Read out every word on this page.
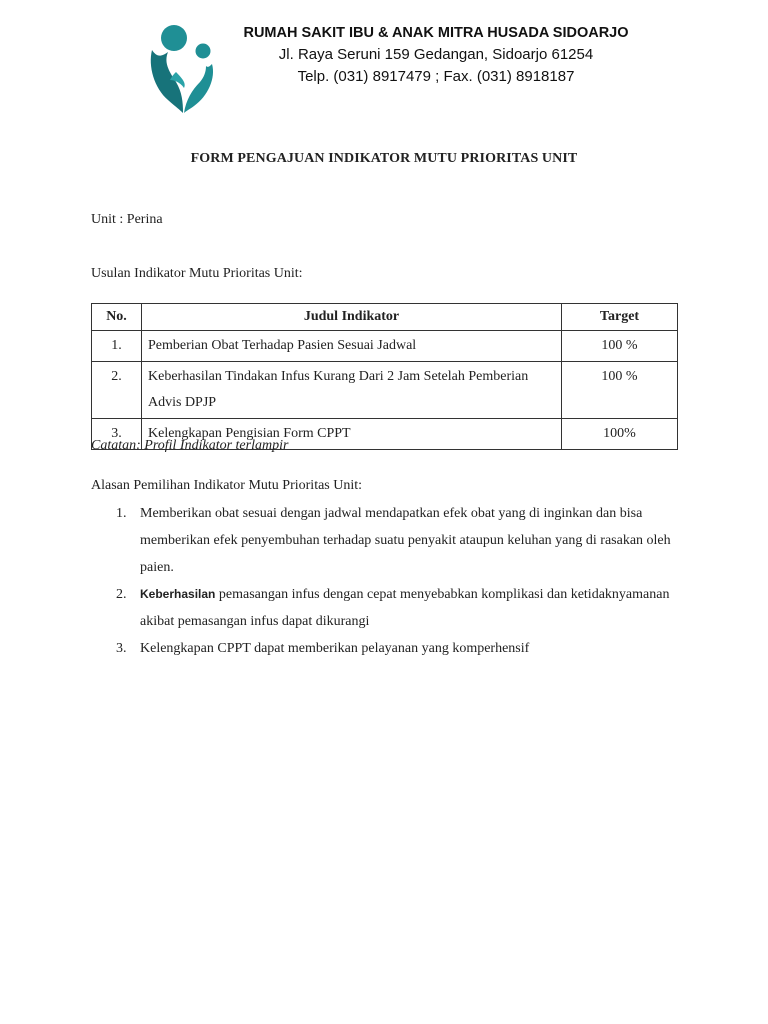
RUMAH SAKIT IBU & ANAK MITRA HUSADA SIDOARJO
Jl. Raya Seruni 159 Gedangan, Sidoarjo 61254
Telp. (031) 8917479 ; Fax. (031) 8918187
FORM PENGAJUAN INDIKATOR MUTU PRIORITAS UNIT
Unit : Perina
Usulan Indikator Mutu Prioritas Unit:
No.	Judul Indikator	Target
1.	Pemberian Obat Terhadap Pasien Sesuai Jadwal	100 %
2.	Keberhasilan Tindakan Infus Kurang Dari 2 Jam Setelah Pemberian Advis DPJP	100 %
3.	Kelengkapan Pengisian Form CPPT	100%
Catatan: Profil Indikator terlampir
Alasan Pemilihan Indikator Mutu Prioritas Unit:
1. Memberikan obat sesuai dengan jadwal mendapatkan efek obat yang di inginkan dan bisa memberikan efek penyembuhan terhadap suatu penyakit ataupun keluhan yang di rasakan oleh paien.
2. Keberhasilan pemasangan infus dengan cepat menyebabkan komplikasi dan ketidaknyamanan akibat pemasangan infus dapat dikurangi
3. Kelengkapan CPPT dapat memberikan pelayanan yang komperhensif
